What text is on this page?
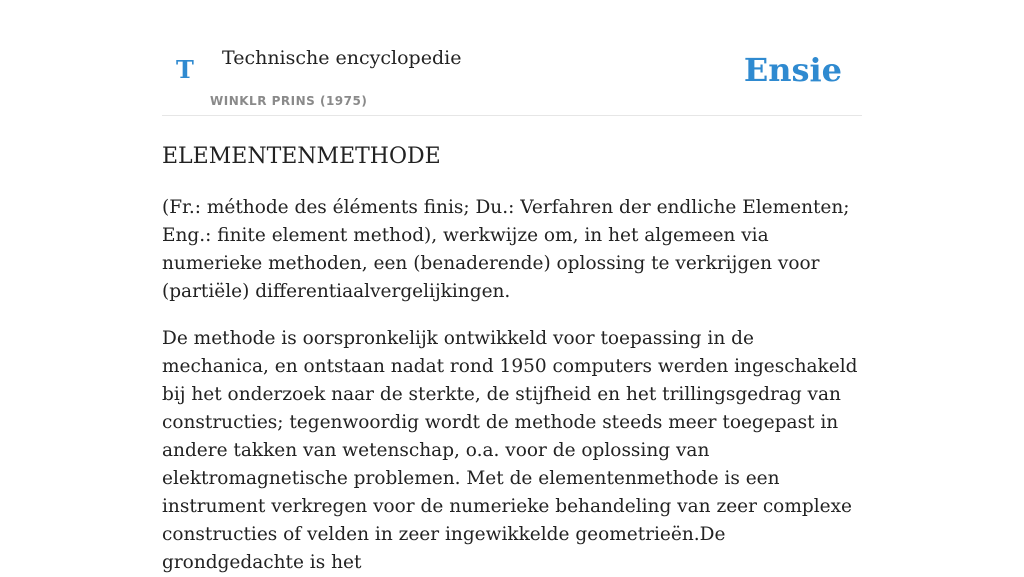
T Technische encyclopedie
WINKLR PRINS (1975)
Ensie
ELEMENTENMETHODE

(Fr.: méthode des éléments finis; Du.: Verfahren der endliche Elementen; Eng.: finite element method), werkwijze om, in het algemeen via numerieke methoden, een (benaderende) oplossing te verkrijgen voor (partiële) differentiaalvergelijkingen.

De methode is oorspronkelijk ontwikkeld voor toepassing in de mechanica, en ontstaan nadat rond 1950 computers werden ingeschakeld bij het onderzoek naar de sterkte, de stijfheid en het trillingsgedrag van constructies; tegenwoordig wordt de methode steeds meer toegepast in andere takken van wetenschap, o.a. voor de oplossing van elektromagnetische problemen. Met de elementenmethode is een instrument verkregen voor de numerieke behandeling van zeer complexe constructies of velden in zeer ingewikkelde geometrieën.De grondgedachte is het
